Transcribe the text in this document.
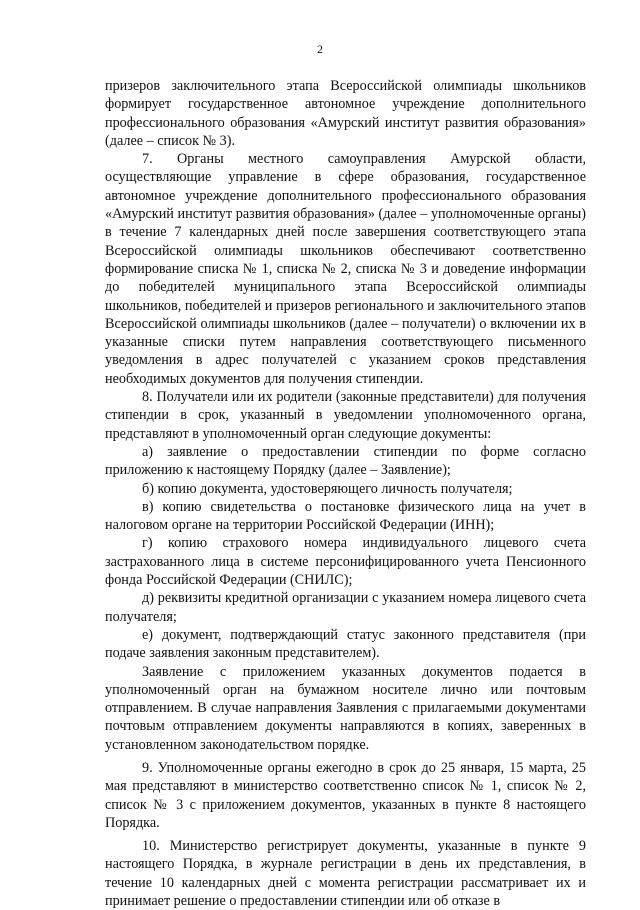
2

призеров заключительного этапа Всероссийской олимпиады школьников формирует государственное автономное учреждение дополнительного профессионального образования «Амурский институт развития образования» (далее – список № 3).

7. Органы местного самоуправления Амурской области, осуществляющие управление в сфере образования, государственное автономное учреждение дополнительного профессионального образования «Амурский институт развития образования» (далее – уполномоченные органы) в течение 7 календарных дней после завершения соответствующего этапа Всероссийской олимпиады школьников обеспечивают соответственно формирование списка № 1, списка № 2, списка № 3 и доведение информации до победителей муниципального этапа Всероссийской олимпиады школьников, победителей и призеров регионального и заключительного этапов Всероссийской олимпиады школьников (далее – получатели) о включении их в указанные списки путем направления соответствующего письменного уведомления в адрес получателей с указанием сроков представления необходимых документов для получения стипендии.

8. Получатели или их родители (законные представители) для получения стипендии в срок, указанный в уведомлении уполномоченного органа, представляют в уполномоченный орган следующие документы:

а) заявление о предоставлении стипендии по форме согласно приложению к настоящему Порядку (далее – Заявление);

б) копию документа, удостоверяющего личность получателя;

в) копию свидетельства о постановке физического лица на учет в налоговом органе на территории Российской Федерации (ИНН);

г) копию страхового номера индивидуального лицевого счета застрахованного лица в системе персонифицированного учета Пенсионного фонда Российской Федерации (СНИЛС);

д) реквизиты кредитной организации с указанием номера лицевого счета получателя;

е) документ, подтверждающий статус законного представителя (при подаче заявления законным представителем).

Заявление с приложением указанных документов подается в уполномоченный орган на бумажном носителе лично или почтовым отправлением. В случае направления Заявления с прилагаемыми документами почтовым отправлением документы направляются в копиях, заверенных в установленном законодательством порядке.

9. Уполномоченные органы ежегодно в срок до 25 января, 15 марта, 25 мая представляют в министерство соответственно список № 1, список № 2, список № 3 с приложением документов, указанных в пункте 8 настоящего Порядка.

10. Министерство регистрирует документы, указанные в пункте 9 настоящего Порядка, в журнале регистрации в день их представления, в течение 10 календарных дней с момента регистрации рассматривает их и принимает решение о предоставлении стипендии или об отказе в
